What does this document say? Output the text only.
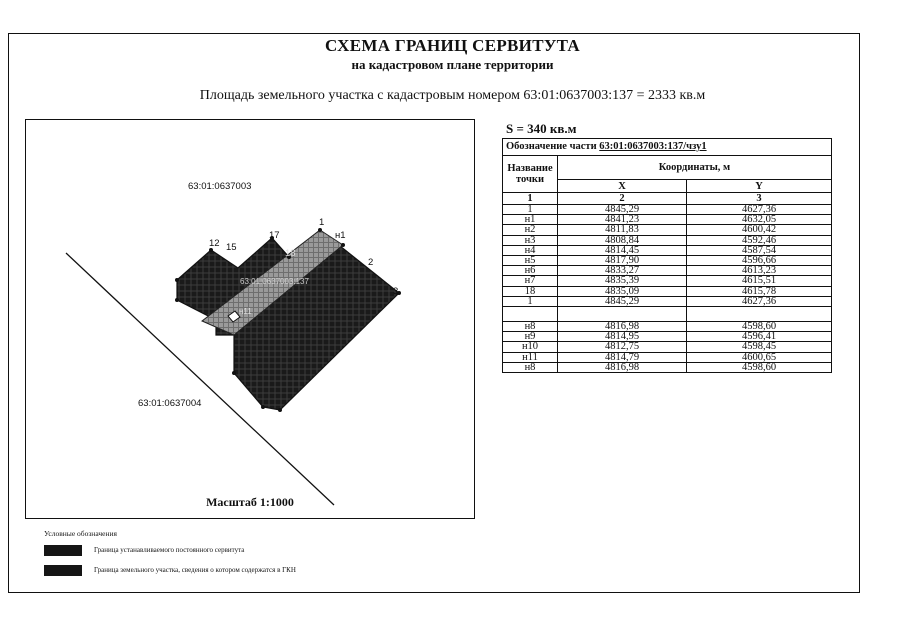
СХЕМА ГРАНИЦ СЕРВИТУТА
на кадастровом плане территории
Площадь земельного участка с кадастровым номером 63:01:0637003:137 = 2333 кв.м
63:01:0637003
63:01:0637004
63:01:0637003:137
1
н1
2
3
12 15
17
18
н11
Масштаб 1:1000
S = 340 кв.м
Обозначение части 63:01:0637003:137/чзу1		
Название точки	Координаты, м	
	X	Y
1	2	3
1	4845,29	4627,36
н1	4841,23	4632,05
н2	4811,83	4600,42
н3	4808,84	4592,46
н4	4814,45	4587,54
н5	4817,90	4596,66
н6	4833,27	4613,23
н7	4835,39	4615,51
18	4835,09	4615,78
1	4845,29	4627,36

н8	4816,98	4598,60
н9	4814,95	4596,41
н10	4812,75	4598,45
н11	4814,79	4600,65
н8	4816,98	4598,60
Условные обозначения
Граница устанавливаемого постоянного сервитута
Граница земельного участка, сведения о котором содержатся в ГКН
